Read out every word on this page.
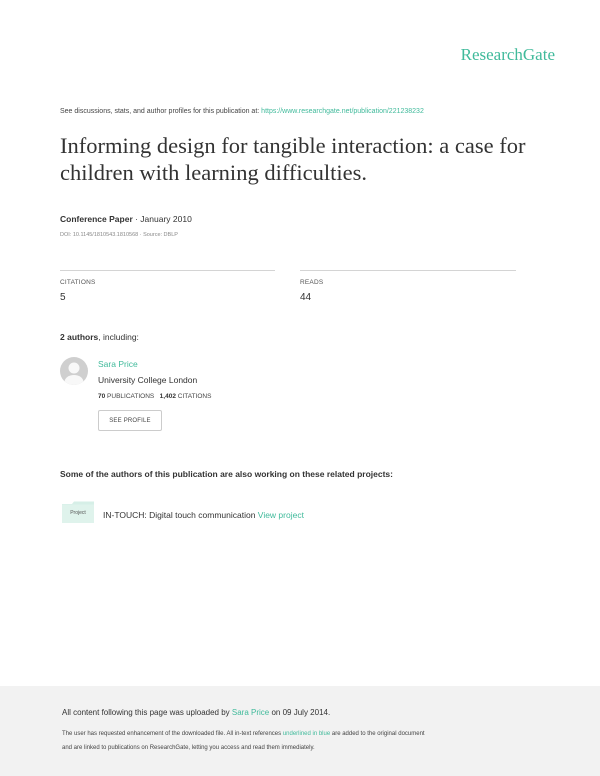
ResearchGate
See discussions, stats, and author profiles for this publication at: https://www.researchgate.net/publication/221238232
Informing design for tangible interaction: a case for children with learning difficulties.
Conference Paper · January 2010
DOI: 10.1145/1810543.1810568 · Source: DBLP
CITATIONS
5
READS
44
2 authors, including:
Sara Price
University College London
70 PUBLICATIONS 1,402 CITATIONS
SEE PROFILE
Some of the authors of this publication are also working on these related projects:
Project	IN-TOUCH: Digital touch communication View project
All content following this page was uploaded by Sara Price on 09 July 2014.
The user has requested enhancement of the downloaded file. All in-text references underlined in blue are added to the original document
and are linked to publications on ResearchGate, letting you access and read them immediately.
